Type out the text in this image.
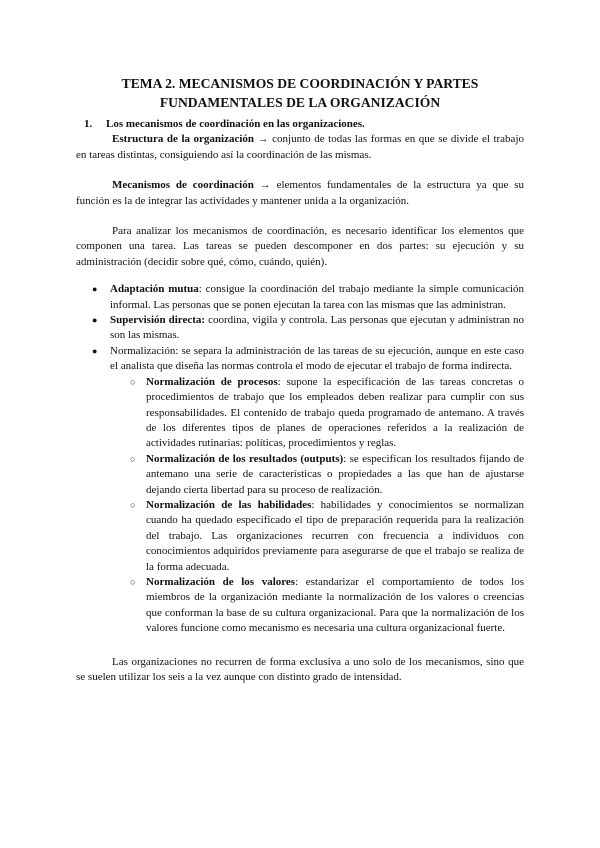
TEMA 2. MECANISMOS DE COORDINACIÓN Y PARTES
FUNDAMENTALES DE LA ORGANIZACIÓN
1. Los mecanismos de coordinación en las organizaciones.

Estructura de la organización → conjunto de todas las formas en que se divide el trabajo en tareas distintas, consiguiendo así la coordinación de las mismas.

Mecanismos de coordinación → elementos fundamentales de la estructura ya que su función es la de integrar las actividades y mantener unida a la organización.

Para analizar los mecanismos de coordinación, es necesario identificar los elementos que componen una tarea. Las tareas se pueden descomponer en dos partes: su ejecución y su administración (decidir sobre qué, cómo, cuándo, quién).

● Adaptación mutua: consigue la coordinación del trabajo mediante la simple comunicación informal. Las personas que se ponen ejecutan la tarea con las mismas que las administran.
● Supervisión directa: coordina, vigila y controla. Las personas que ejecutan y administran no son las mismas.
● Normalización: se separa la administración de las tareas de su ejecución, aunque en este caso el analista que diseña las normas controla el modo de ejecutar el trabajo de forma indirecta.
○ Normalización de procesos: supone la especificación de las tareas concretas o procedimientos de trabajo que los empleados deben realizar para cumplir con sus responsabilidades. El contenido de trabajo queda programado de antemano. A través de los diferentes tipos de planes de operaciones referidos a la realización de actividades rutinarias: políticas, procedimientos y reglas.
○ Normalización de los resultados (outputs): se especifican los resultados fijando de antemano una serie de características o propiedades a las que han de ajustarse dejando cierta libertad para su proceso de realización.
○ Normalización de las habilidades: habilidades y conocimientos se normalizan cuando ha quedado especificado el tipo de preparación requerida para la realización del trabajo. Las organizaciones recurren con frecuencia a individuos con conocimientos adquiridos previamente para asegurarse de que el trabajo se realiza de la forma adecuada.
○ Normalización de los valores: estandarizar el comportamiento de todos los miembros de la organización mediante la normalización de los valores o creencias que conforman la base de su cultura organizacional. Para que la normalización de los valores funcione como mecanismo es necesaria una cultura organizacional fuerte.

Las organizaciones no recurren de forma exclusiva a uno solo de los mecanismos, sino que se suelen utilizar los seis a la vez aunque con distinto grado de intensidad.
